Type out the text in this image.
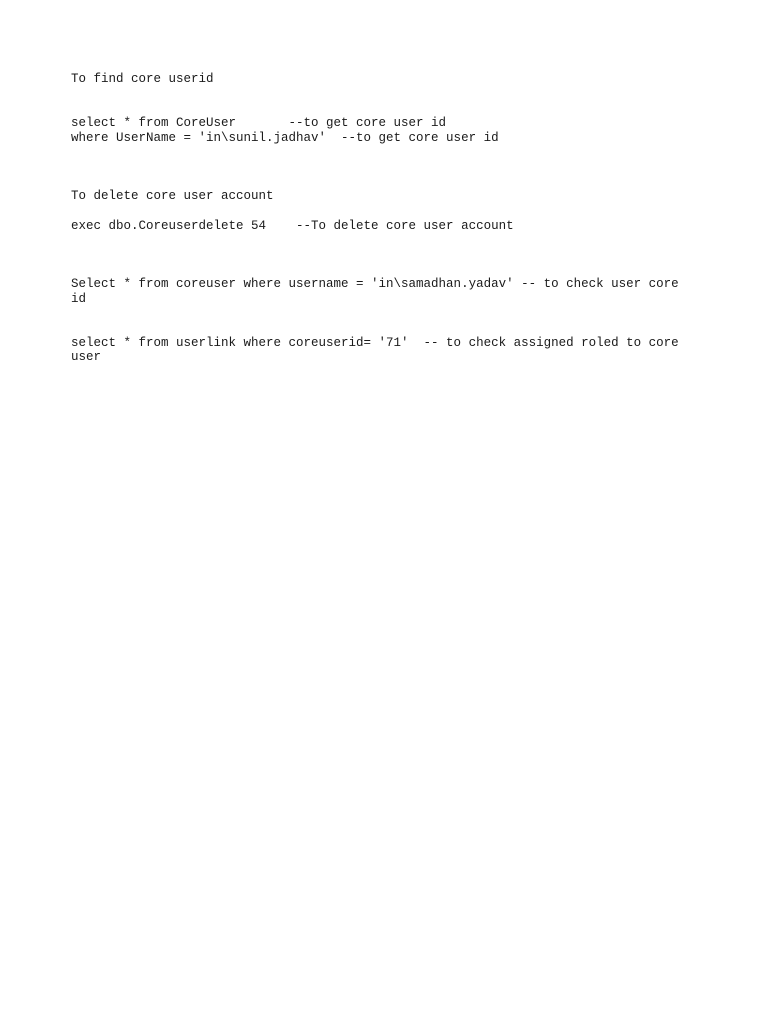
To find core userid

select * from CoreUser       --to get core user id

where UserName = 'in\sunil.jadhav'  --to get core user id

To delete core user account

exec dbo.Coreuserdelete 54    --To delete core user account

Select * from coreuser where username = 'in\samadhan.yadav' -- to check user core

id

select * from userlink where coreuserid= '71'  -- to check assigned roled to core

user
